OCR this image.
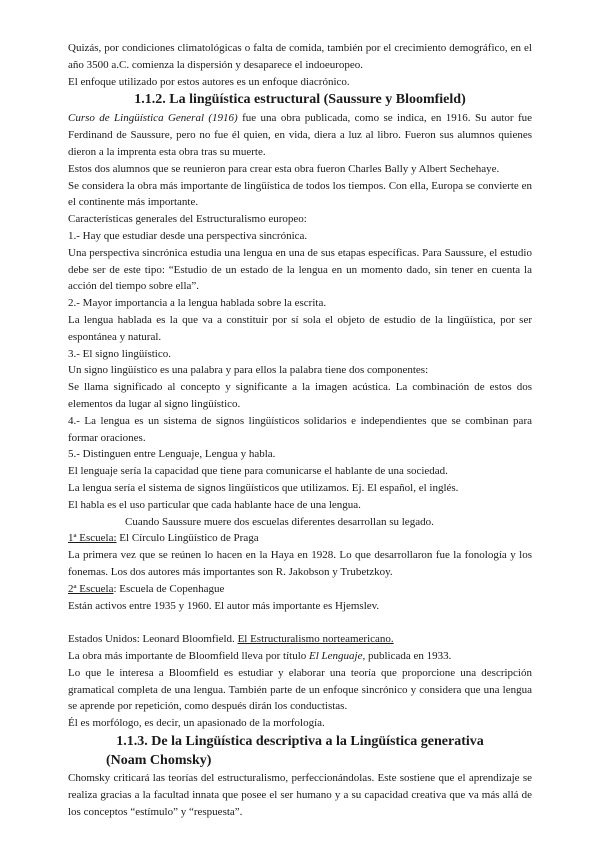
Quizás, por condiciones climatológicas o falta de comida, también por el crecimiento demográfico, en el año 3500 a.C. comienza la dispersión y desaparece el indoeuropeo.

El enfoque utilizado por estos autores es un enfoque diacrónico.

1.1.2. La lingüística estructural (Saussure y Bloomfield)

Curso de Lingüística General (1916) fue una obra publicada, como se indica, en 1916. Su autor fue Ferdinand de Saussure, pero no fue él quien, en vida, diera a luz al libro. Fueron sus alumnos quienes dieron a la imprenta esta obra tras su muerte.

Estos dos alumnos que se reunieron para crear esta obra fueron Charles Bally y Albert Sechehaye.

Se considera la obra más importante de lingüística de todos los tiempos. Con ella, Europa se convierte en el continente más importante.

Características generales del Estructuralismo europeo:

1.- Hay que estudiar desde una perspectiva sincrónica.

Una perspectiva sincrónica estudia una lengua en una de sus etapas específicas. Para Saussure, el estudio debe ser de este tipo: “Estudio de un estado de la lengua en un momento dado, sin tener en cuenta la acción del tiempo sobre ella”.

2.- Mayor importancia a la lengua hablada sobre la escrita.

La lengua hablada es la que va a constituir por sí sola el objeto de estudio de la lingüística, por ser espontánea y natural.

3.- El signo lingüístico.

Un signo lingüístico es una palabra y para ellos la palabra tiene dos componentes:

Se llama significado al concepto y significante a la imagen acústica. La combinación de estos dos elementos da lugar al signo lingüístico.

4.- La lengua es un sistema de signos lingüísticos solidarios e independientes que se combinan para formar oraciones.

5.- Distinguen entre Lenguaje, Lengua y habla.

El lenguaje sería la capacidad que tiene para comunicarse el hablante de una sociedad.

La lengua sería el sistema de signos lingüísticos que utilizamos. Ej. El español, el inglés.

El habla es el uso particular que cada hablante hace de una lengua.

Cuando Saussure muere dos escuelas diferentes desarrollan su legado.

1ª Escuela: El Círculo Lingüístico de Praga

La primera vez que se reúnen lo hacen en la Haya en 1928. Lo que desarrollaron fue la fonología y los fonemas. Los dos autores más importantes son R. Jakobson y Trubetzkoy.

2ª Escuela: Escuela de Copenhague

Están activos entre 1935 y 1960. El autor más importante es Hjemslev.

Estados Unidos: Leonard Bloomfield. El Estructuralismo norteamericano.

La obra más importante de Bloomfield lleva por título El Lenguaje, publicada en 1933.

Lo que le interesa a Bloomfield es estudiar y elaborar una teoría que proporcione una descripción gramatical completa de una lengua. También parte de un enfoque sincrónico y considera que una lengua se aprende por repetición, como después dirán los conductistas.

Él es morfólogo, es decir, un apasionado de la morfología.

1.1.3. De la Lingüística descriptiva a la Lingüística generativa
(Noam Chomsky)

Chomsky criticará las teorías del estructuralismo, perfeccionándolas. Este sostiene que el aprendizaje se realiza gracias a la facultad innata que posee el ser humano y a su capacidad creativa que va más allá de los conceptos “estímulo” y “respuesta”.
